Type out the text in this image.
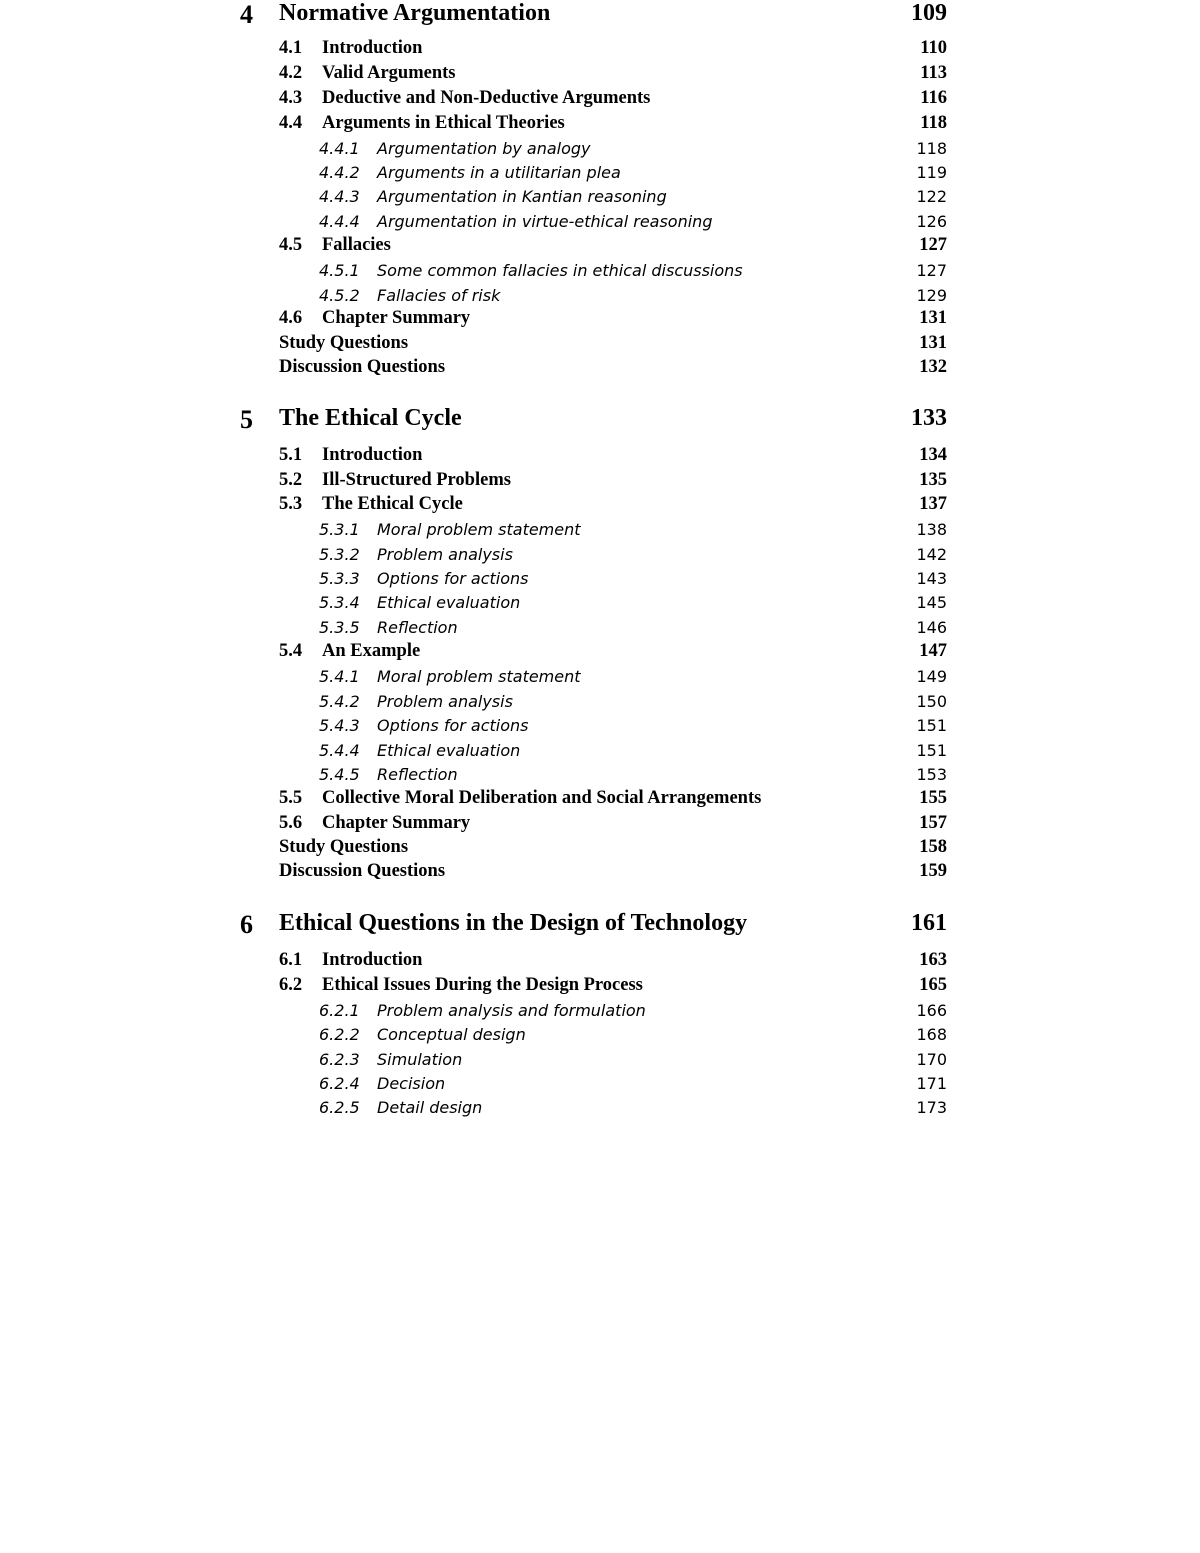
4 Normative Argumentation	109
4.1 Introduction	110
4.2 Valid Arguments	113
4.3 Deductive and Non-Deductive Arguments	116
4.4 Arguments in Ethical Theories	118
4.4.1 Argumentation by analogy	118
4.4.2 Arguments in a utilitarian plea	119
4.4.3 Argumentation in Kantian reasoning	122
4.4.4 Argumentation in virtue-ethical reasoning	126
4.5 Fallacies	127
4.5.1 Some common fallacies in ethical discussions	127
4.5.2 Fallacies of risk	129
4.6 Chapter Summary	131
Study Questions	131
Discussion Questions	132
5 The Ethical Cycle	133
5.1 Introduction	134
5.2 Ill-Structured Problems	135
5.3 The Ethical Cycle	137
5.3.1 Moral problem statement	138
5.3.2 Problem analysis	142
5.3.3 Options for actions	143
5.3.4 Ethical evaluation	145
5.3.5 Reflection	146
5.4 An Example	147
5.4.1 Moral problem statement	149
5.4.2 Problem analysis	150
5.4.3 Options for actions	151
5.4.4 Ethical evaluation	151
5.4.5 Reflection	153
5.5 Collective Moral Deliberation and Social Arrangements	155
5.6 Chapter Summary	157
Study Questions	158
Discussion Questions	159
6 Ethical Questions in the Design of Technology	161
6.1 Introduction	163
6.2 Ethical Issues During the Design Process	165
6.2.1 Problem analysis and formulation	166
6.2.2 Conceptual design	168
6.2.3 Simulation	170
6.2.4 Decision	171
6.2.5 Detail design	173
